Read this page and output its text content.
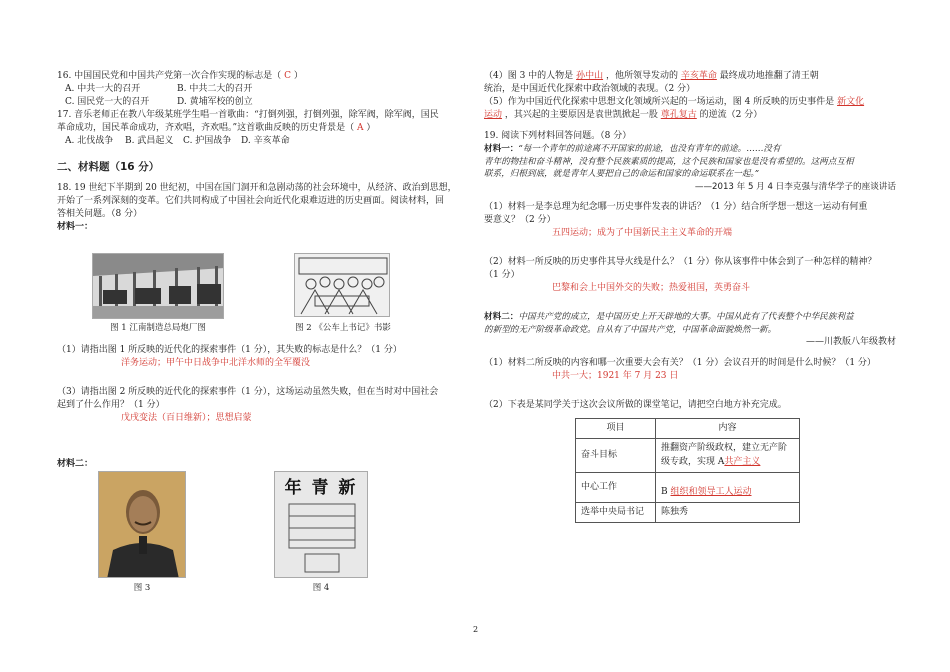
16. 中国国民党和中国共产党第一次合作实现的标志是（ C ）

A. 中共一大的召开	B. 中共二大的召开
C. 国民党一大的召开	D. 黄埔军校的创立

17. 音乐老师正在教八年级某班学生唱一首歌曲：“打倒列强，打倒列强，除军阀，除军阀，国民

革命成功，国民革命成功，齐欢唱，齐欢唱。”这首歌曲反映的历史背景是（ A ）

A. 北伐战争	B. 武昌起义	C. 护国战争	D. 辛亥革命
二、材料题（16 分）

18. 19 世纪下半期到 20 世纪初，中国在国门洞开和急剧动荡的社会环境中，从经济、政治到思想，

开始了一系列深刻的变革。它们共同构成了中国社会向近代化艰难迈进的历史画面。阅读材料，回

答相关问题。（8 分）

材料一：

图 1 江南制造总局炮厂图	图 2 《公车上书记》书影

（1）请指出图 1 所反映的近代化的探索事件（1 分），其失败的标志是什么？（1 分）

洋务运动；甲午中日战争中北洋水师的全军覆没

（3）请指出图 2 所反映的近代化的探索事件（1 分），这场运动虽然失败，但在当时对中国社会

起到了什么作用？（1 分）

戊戌变法（百日维新）；思想启蒙

材料二：

图 3
年 青 新
图 4

（4）图 3 中的人物是 孙中山 ，他所领导发动的 辛亥革命 最终成功地推翻了清王朝

统治，是中国近代化探索中政治领域的表现。（2 分）

（5）作为中国近代化探索中思想文化领域所兴起的一场运动，图 4 所反映的历史事件是 新文化

运动 ，其兴起的主要原因是袁世凯掀起一股 尊孔复古 的逆流（2 分）

19. 阅读下列材料回答问题。（8 分）

材料一：“每一个青年的前途离不开国家的前途，也没有青年的前途。……没有

青年的物挂和奋斗精神，没有整个民族素质的提高，这个民族和国家也是没有希望的。这两点互相

联系，归根到底，就是青年人要把自己的命运和国家的命运联系在一起。”

——2013 年 5 月 4 日李克强与清华学子的座谈讲话

（1）材料一是李总理为纪念哪一历史事件发表的讲话？（1 分）结合所学想一想这一运动有何重

要意义？（2 分）

五四运动；成为了中国新民主主义革命的开端

（2）材料一所反映的历史事件其导火线是什么？（1 分）你从该事件中体会到了一种怎样的精神？

（1 分）

巴黎和会上中国外交的失败；热爱祖国，英勇奋斗

材料二：中国共产党的成立，是中国历史上开天辟地的大事。中国从此有了代表整个中华民族利益

的新型的无产阶级革命政党。自从有了中国共产党，中国革命面貌焕然一新。

——川教版八年级教材

（1）材料二所反映的内容和哪一次重要大会有关？（1 分）会议召开的时间是什么时候？（1 分）

中共一大；1921 年 7 月 23 日

（2）下表是某同学关于这次会议所做的课堂笔记，请把空白地方补充完成。

项目	内容
奋斗目标	推翻资产阶级政权，建立无产阶
级专政，实现 A共产主义

中心工作	B 组织和领导工人运动
选举中央局书记	陈独秀
2
